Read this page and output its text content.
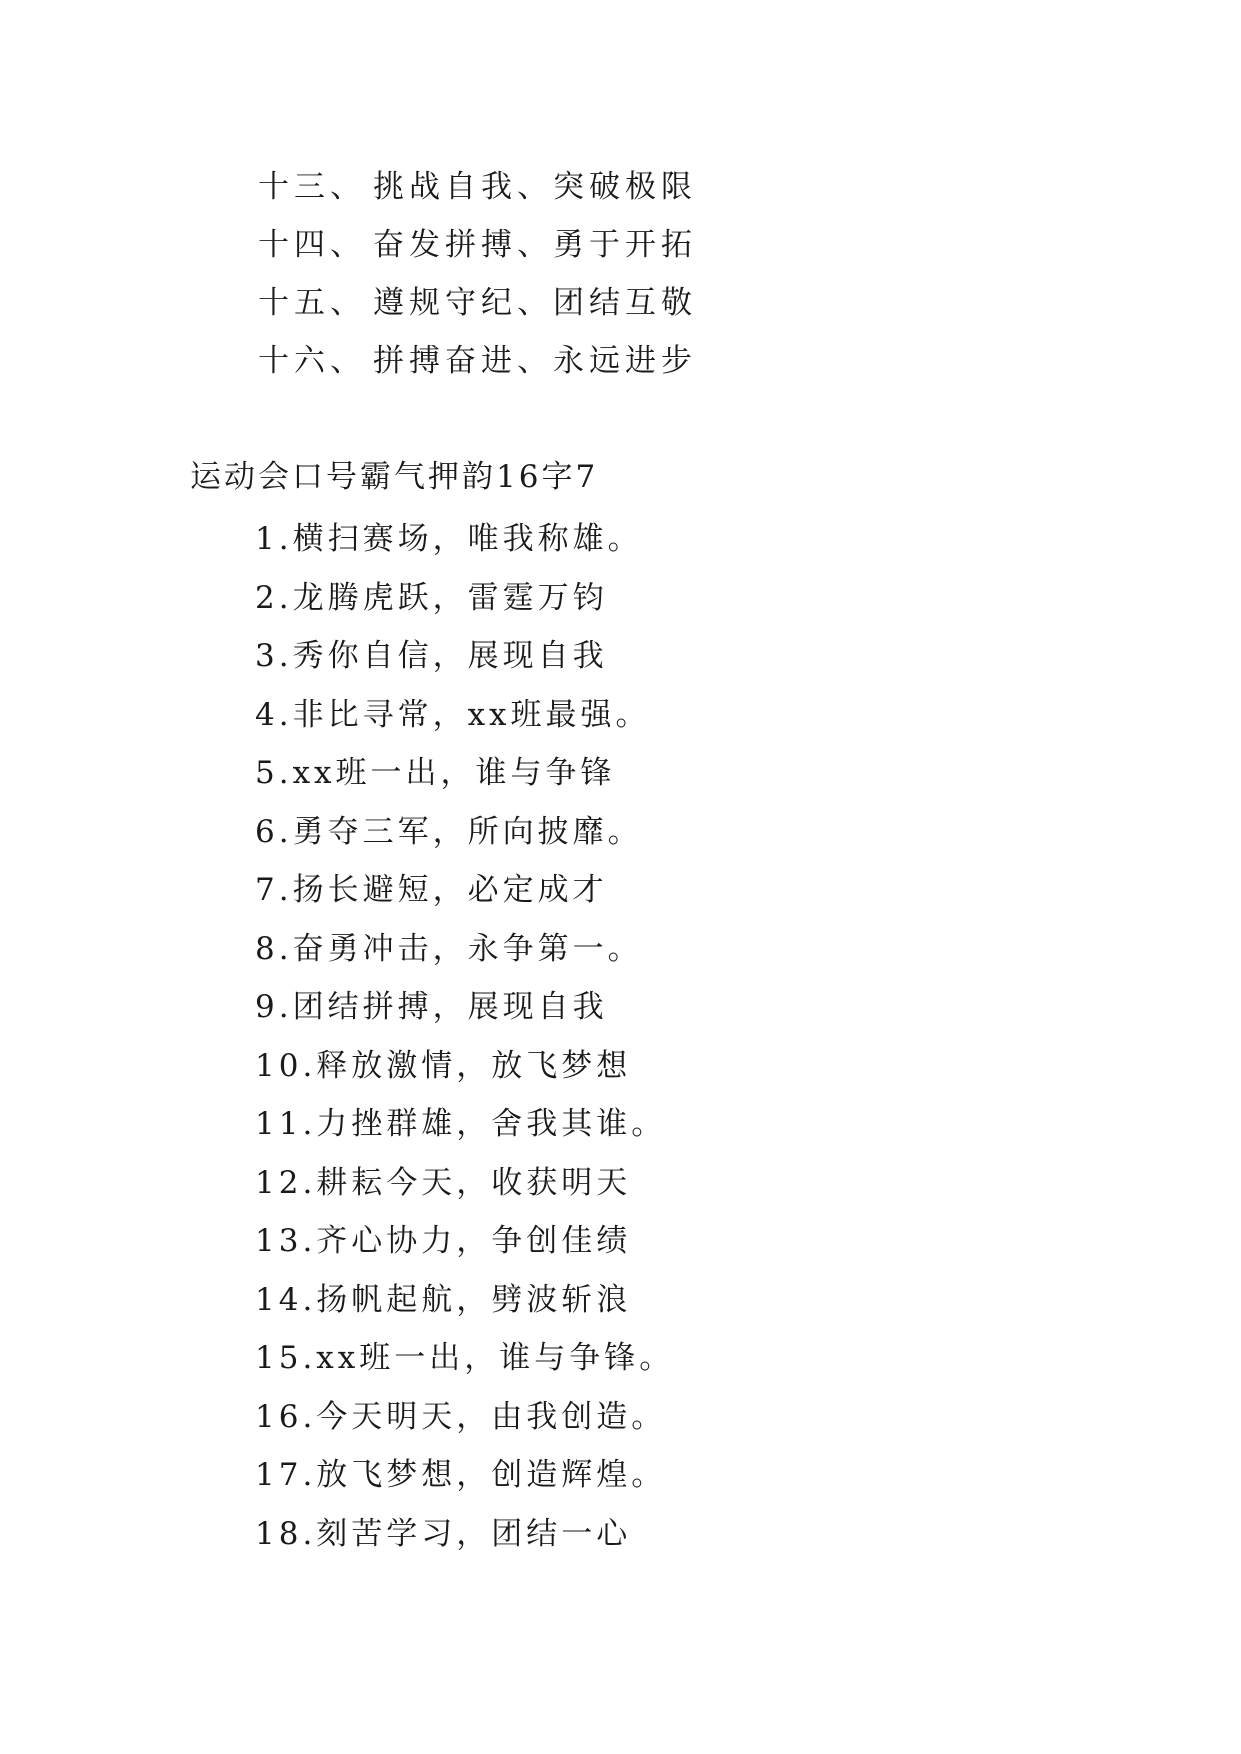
十三、 挑战自我、突破极限
十四、 奋发拼搏、勇于开拓
十五、 遵规守纪、团结互敬
十六、 拼搏奋进、永远进步
运动会口号霸气押韵16字7
1.横扫赛场，唯我称雄。
2.龙腾虎跃，雷霆万钧
3.秀你自信，展现自我
4.非比寻常，xx班最强。
5.xx班一出，谁与争锋
6.勇夺三军，所向披靡。
7.扬长避短，必定成才
8.奋勇冲击，永争第一。
9.团结拼搏，展现自我
10.释放激情，放飞梦想
11.力挫群雄，舍我其谁。
12.耕耘今天，收获明天
13.齐心协力，争创佳绩
14.扬帆起航，劈波斩浪
15.xx班一出，谁与争锋。
16.今天明天，由我创造。
17.放飞梦想，创造辉煌。
18.刻苦学习，团结一心
